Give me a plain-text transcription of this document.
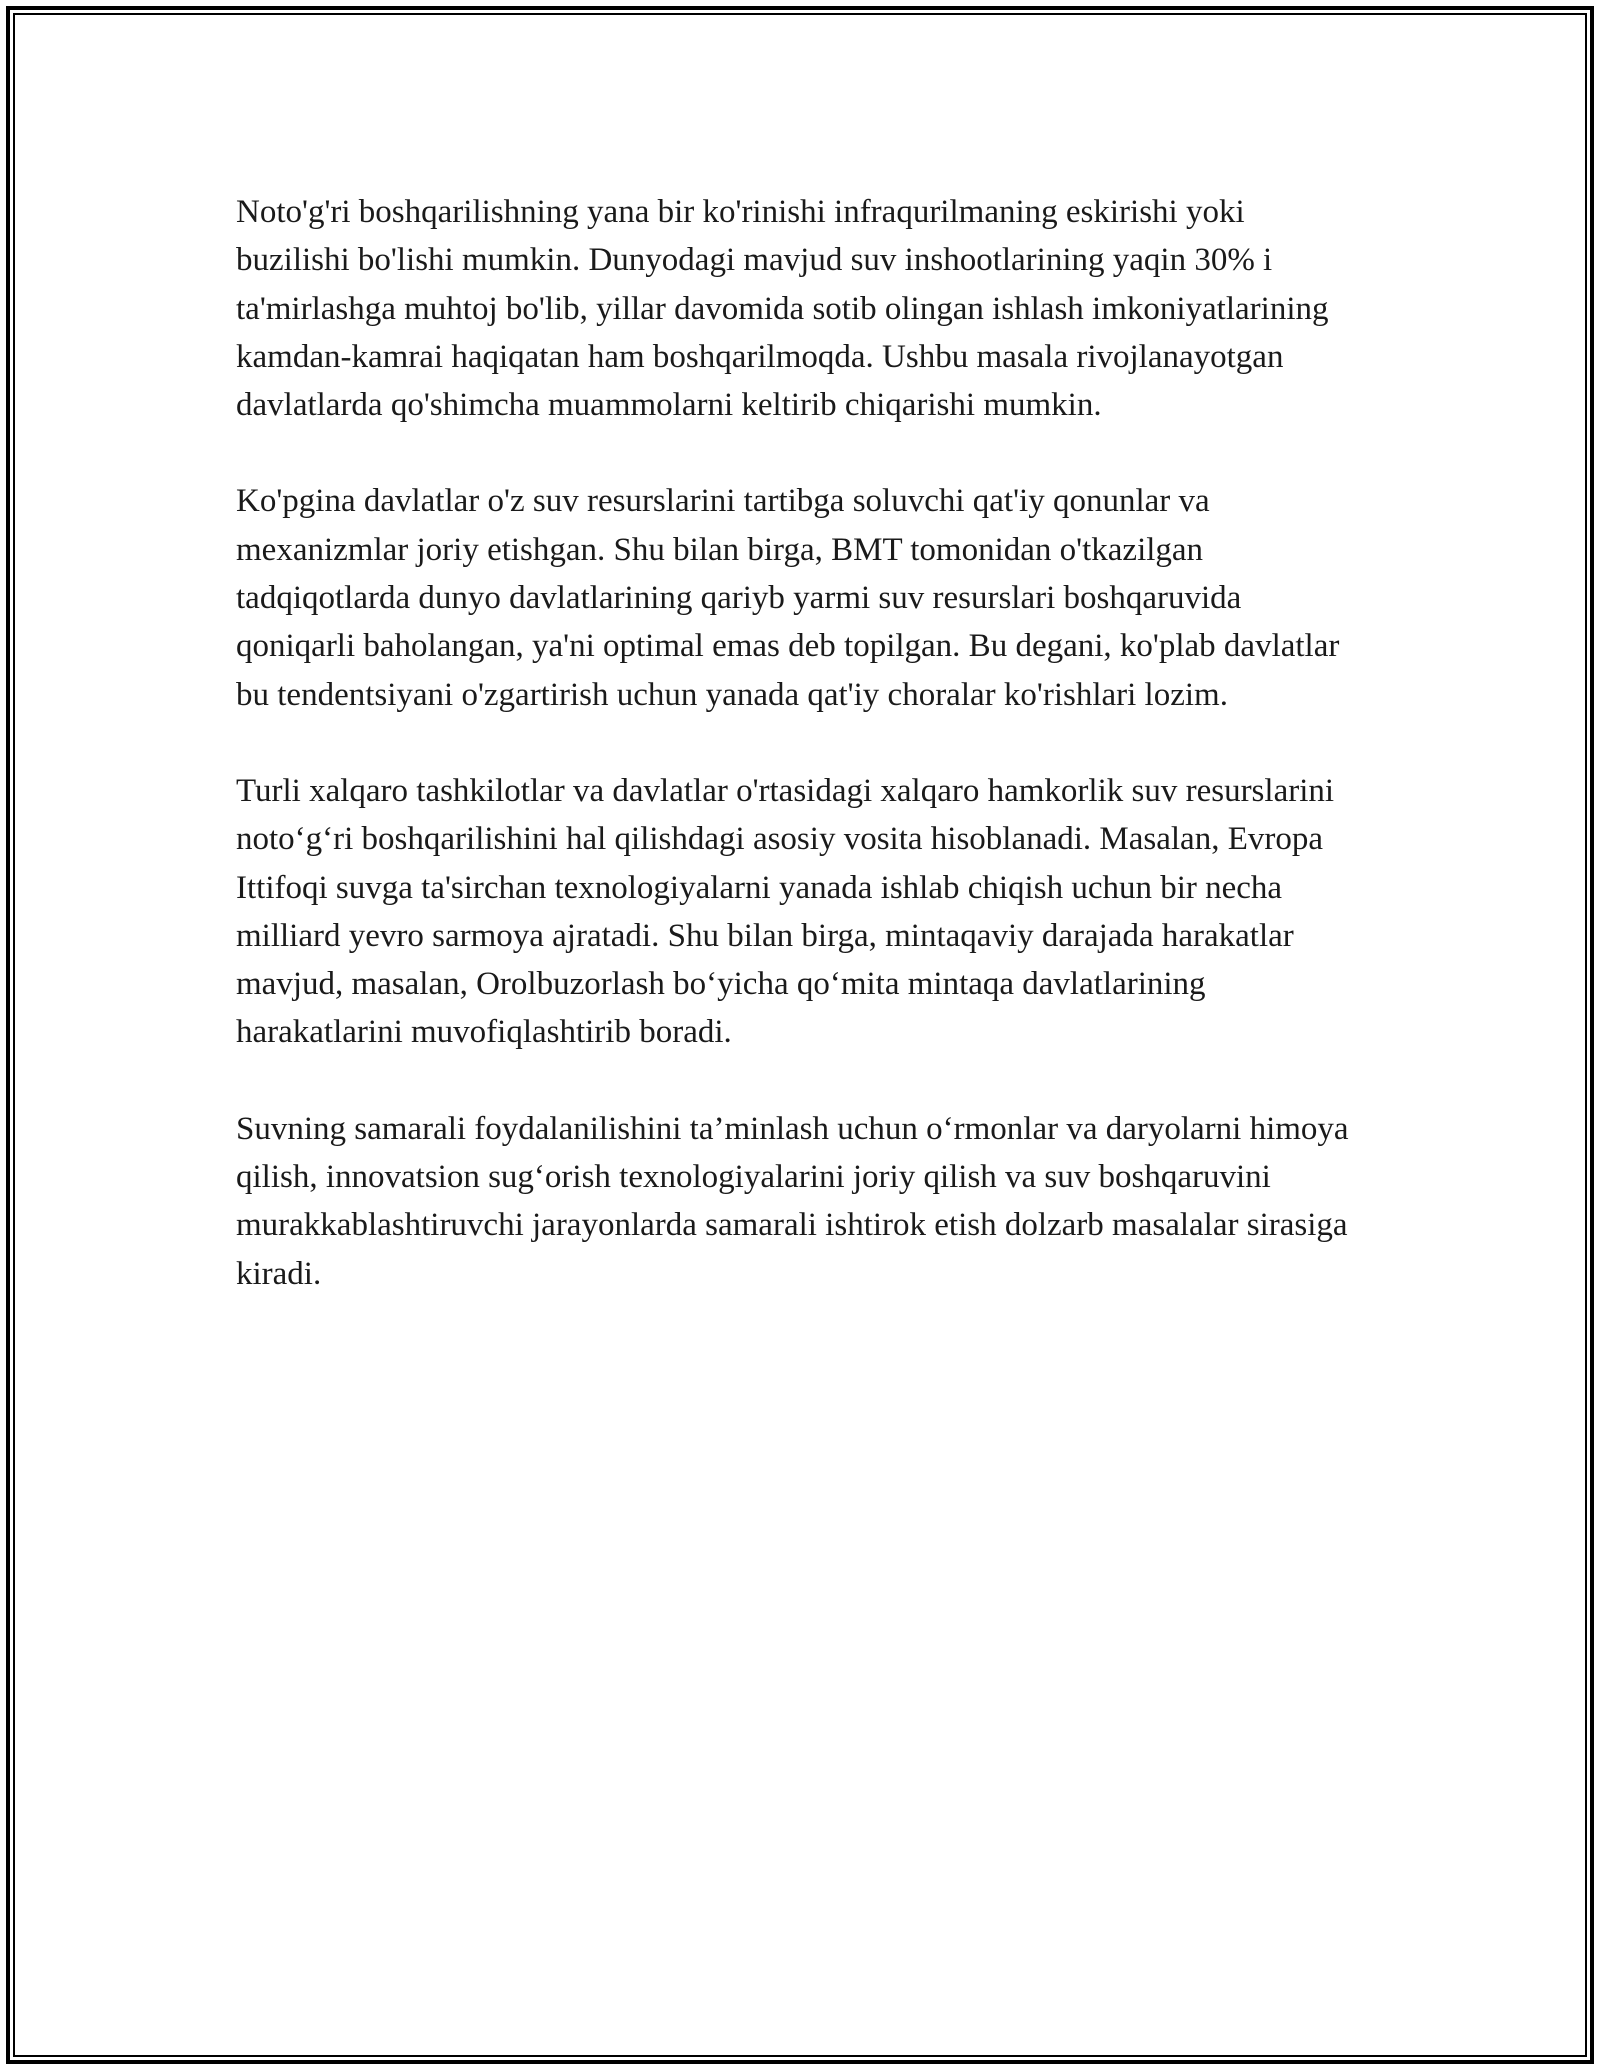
Noto'g'ri boshqarilishning yana bir ko'rinishi infraqurilmaning eskirishi yoki buzilishi bo'lishi mumkin. Dunyodagi mavjud suv inshootlarining yaqin 30% i ta'mirlashga muhtoj bo'lib, yillar davomida sotib olingan ishlash imkoniyatlarining kamdan-kamrai haqiqatan ham boshqarilmoqda. Ushbu masala rivojlanayotgan davlatlarda qo'shimcha muammolarni keltirib chiqarishi mumkin.

Ko'pgina davlatlar o'z suv resurslarini tartibga soluvchi qat'iy qonunlar va mexanizmlar joriy etishgan. Shu bilan birga, BMT tomonidan o'tkazilgan tadqiqotlarda dunyo davlatlarining qariyb yarmi suv resurslari boshqaruvida qoniqarli baholangan, ya'ni optimal emas deb topilgan. Bu degani, ko'plab davlatlar bu tendentsiyani o'zgartirish uchun yanada qat'iy choralar ko'rishlari lozim.

Turli xalqaro tashkilotlar va davlatlar o'rtasidagi xalqaro hamkorlik suv resurslarini noto‘g‘ri boshqarilishini hal qilishdagi asosiy vosita hisoblanadi. Masalan, Evropa Ittifoqi suvga ta'sirchan texnologiyalarni yanada ishlab chiqish uchun bir necha milliard yevro sarmoya ajratadi. Shu bilan birga, mintaqaviy darajada harakatlar mavjud, masalan, Orolbuzorlash bo‘yicha qo‘mita mintaqa davlatlarining harakatlarini muvofiqlashtirib boradi.

Suvning samarali foydalanilishini ta’minlash uchun o‘rmonlar va daryolarni himoya qilish, innovatsion sug‘orish texnologiyalarini joriy qilish va suv boshqaruvini murakkablashtiruvchi jarayonlarda samarali ishtirok etish dolzarb masalalar sirasiga kiradi.
